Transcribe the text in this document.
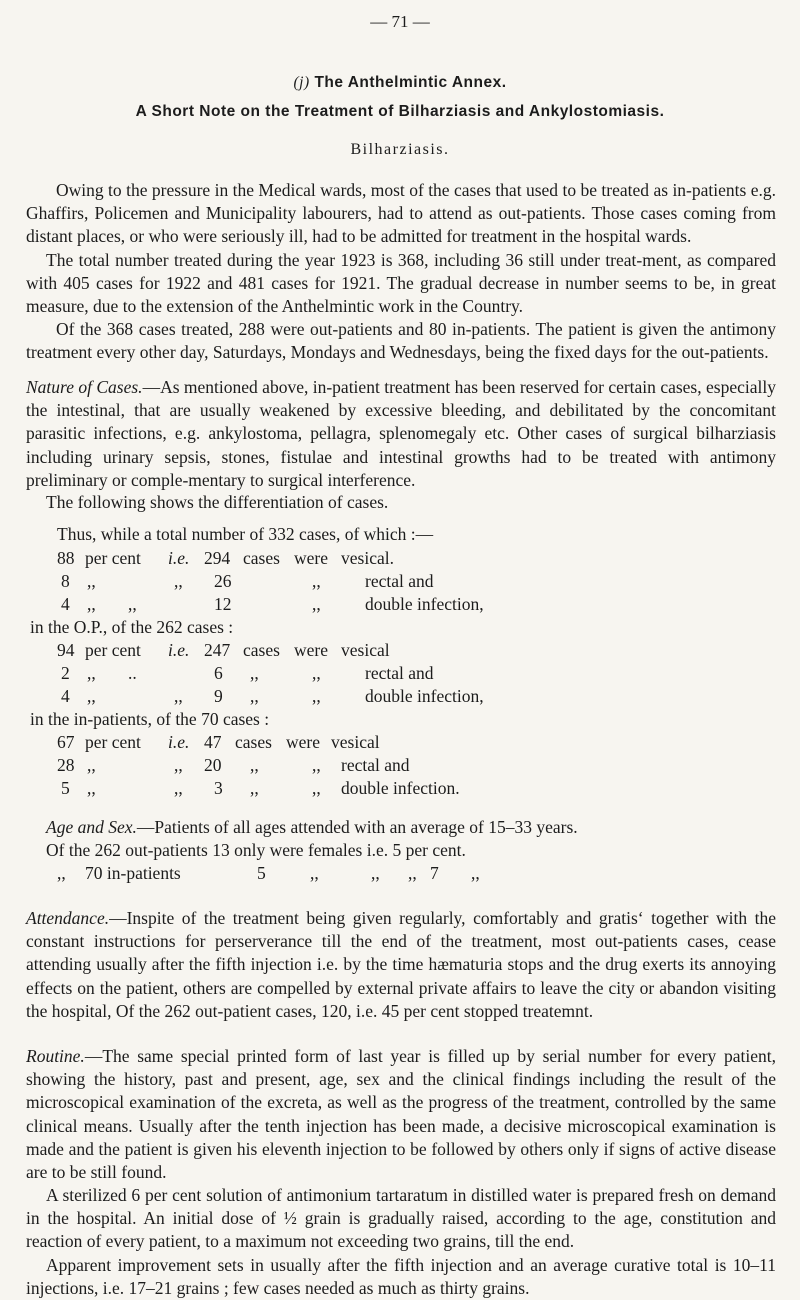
— 71 —
(j) The Anthelmintic Annex.
A Short Note on the Treatment of Bilharziasis and Ankylostomiasis.
Bilharziasis.

Owing to the pressure in the Medical wards, most of the cases that used to be treated as in-patients e.g. Ghaffirs, Policemen and Municipality labourers, had to attend as out-patients. Those cases coming from distant places, or who were seriously ill, had to be admitted for treatment in the hospital wards.

The total number treated during the year 1923 is 368, including 36 still under treat-ment, as compared with 405 cases for 1922 and 481 cases for 1921. The gradual decrease in number seems to be, in great measure, due to the extension of the Anthelmintic work in the Country.

Of the 368 cases treated, 288 were out-patients and 80 in-patients. The patient is given the antimony treatment every other day, Saturdays, Mondays and Wednesdays, being the fixed days for the out-patients.

Nature of Cases.—As mentioned above, in-patient treatment has been reserved for certain cases, especially the intestinal, that are usually weakened by excessive bleeding, and debilitated by the concomitant parasitic infections, e.g. ankylostoma, pellagra, splenomegaly etc. Other cases of surgical bilharziasis including urinary sepsis, stones, fistulae and intestinal growths had to be treated with antimony preliminary or comple-mentary to surgical interference.

The following shows the differentiation of cases.

Thus, while a total number of 332 cases, of which :—
88 per cent i.e. 294 cases were vesical.
8 ,,	,, 26	,,	rectal and
4 ,, ,,	12	,,	double infection,
in the O.P., of the 262 cases :
94 per cent i.e. 247 cases were vesical
2 ,, ..	6 ,,	,,	rectal and
4 ,,	,, 9 ,,	,,	double infection,
in the in-patients, of the 70 cases :
67 per cent i.e. 47 cases were vesical
28 ,,	,, 20 ,,	,, rectal and
5 ,,	,, 3 ,,	,, double infection.
Age and Sex.—Patients of all ages attended with an average of 15–33 years.
Of the 262 out-patients 13 only were females i.e. 5 per cent.
,, 70 in-patients	5	,,	,, ,, 7 ,,

Attendance.—Inspite of the treatment being given regularly, comfortably and gratis‘ together with the constant instructions for perserverance till the end of the treatment, most out-patients cases, cease attending usually after the fifth injection i.e. by the time hæmaturia stops and the drug exerts its annoying effects on the patient, others are compelled by external private affairs to leave the city or abandon visiting the hospital, Of the 262 out-patient cases, 120, i.e. 45 per cent stopped treatemnt.

Routine.—The same special printed form of last year is filled up by serial number for every patient, showing the history, past and present, age, sex and the clinical findings including the result of the microscopical examination of the excreta, as well as the progress of the treatment, controlled by the same clinical means. Usually after the tenth injection has been made, a decisive microscopical examination is made and the patient is given his eleventh injection to be followed by others only if signs of active disease are to be still found.

A sterilized 6 per cent solution of antimonium tartaratum in distilled water is prepared fresh on demand in the hospital. An initial dose of ½ grain is gradually raised, according to the age, constitution and reaction of every patient, to a maximum not exceeding two grains, till the end.

Apparent improvement sets in usually after the fifth injection and an average curative total is 10–11 injections, i.e. 17–21 grains ; few cases needed as much as thirty grains.
